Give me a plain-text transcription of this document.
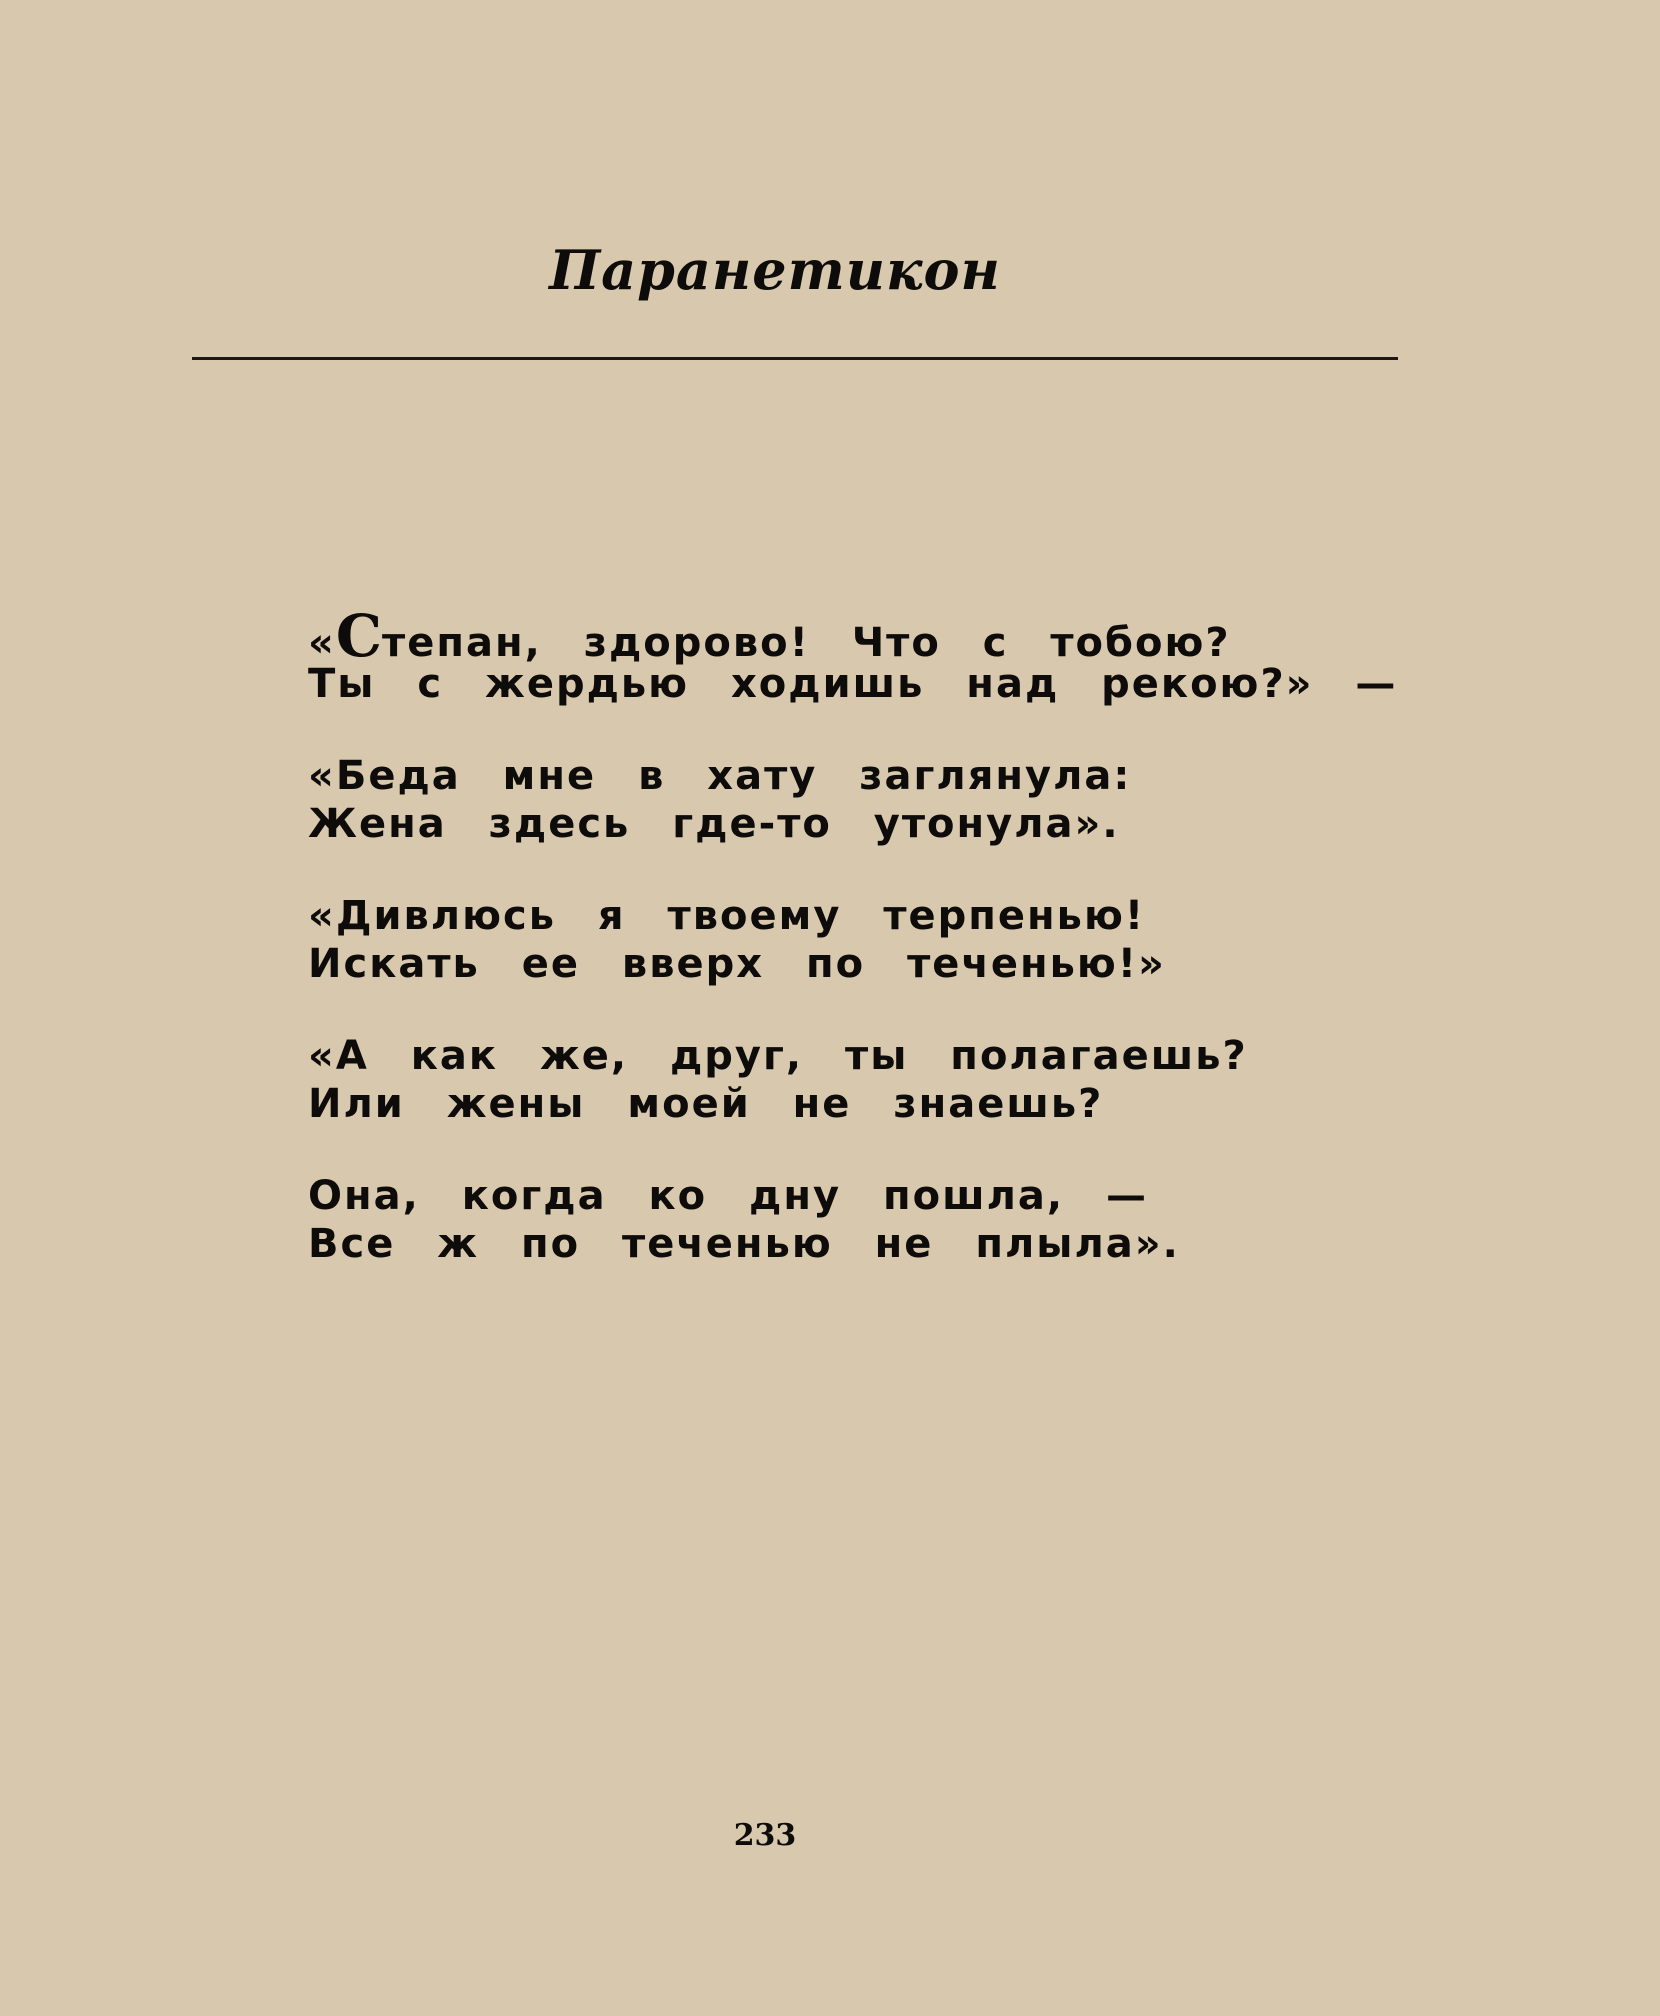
Паранетикон
«Степан, здорово! Что с тобою?
Ты с жердью ходишь над рекою?» —
«Беда мне в хату заглянула:
Жена здесь где-то утонула».
«Дивлюсь я твоему терпенью!
Искать ее вверх по теченью!»
«А как же, друг, ты полагаешь?
Или жены моей не знаешь?
Она, когда ко дну пошла, —
Все ж по теченью не плыла».
233
